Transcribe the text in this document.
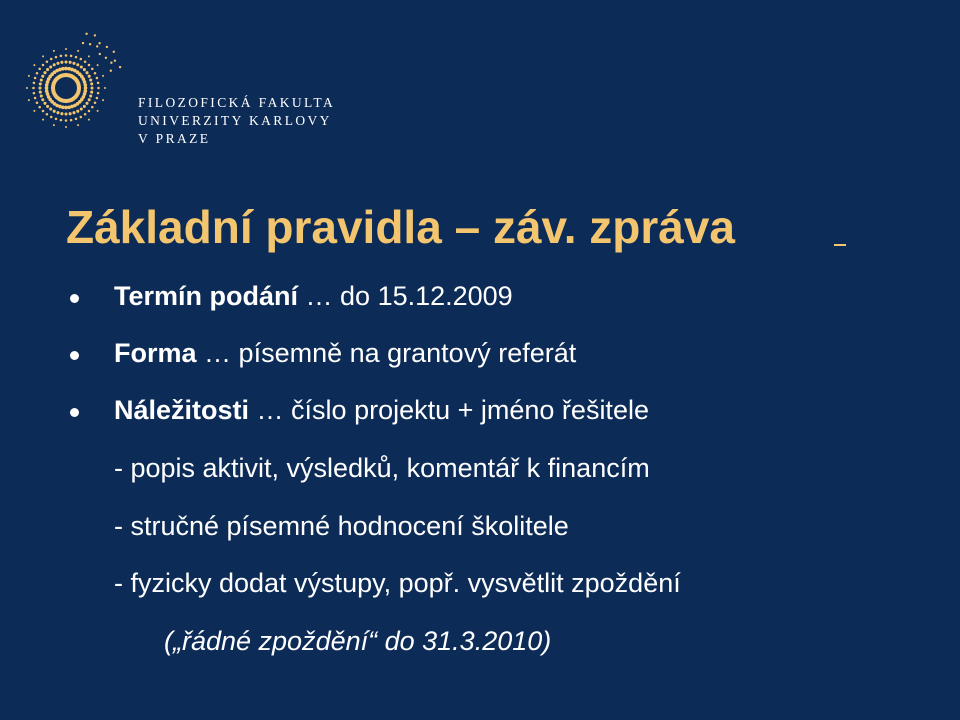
FILOZOFICKÁ FAKULTA
UNIVERZITY KARLOVY
V PRAZE
Základní pravidla – záv. zpráva
Termín podání … do 15.12.2009
Forma … písemně na grantový referát
Náležitosti … číslo projektu + jméno řešitele
- popis aktivit, výsledků, komentář k financím
- stručné písemné hodnocení školitele
- fyzicky dodat výstupy, popř. vysvětlit zpoždění
(„řádné zpoždění“ do 31.3.2010)
